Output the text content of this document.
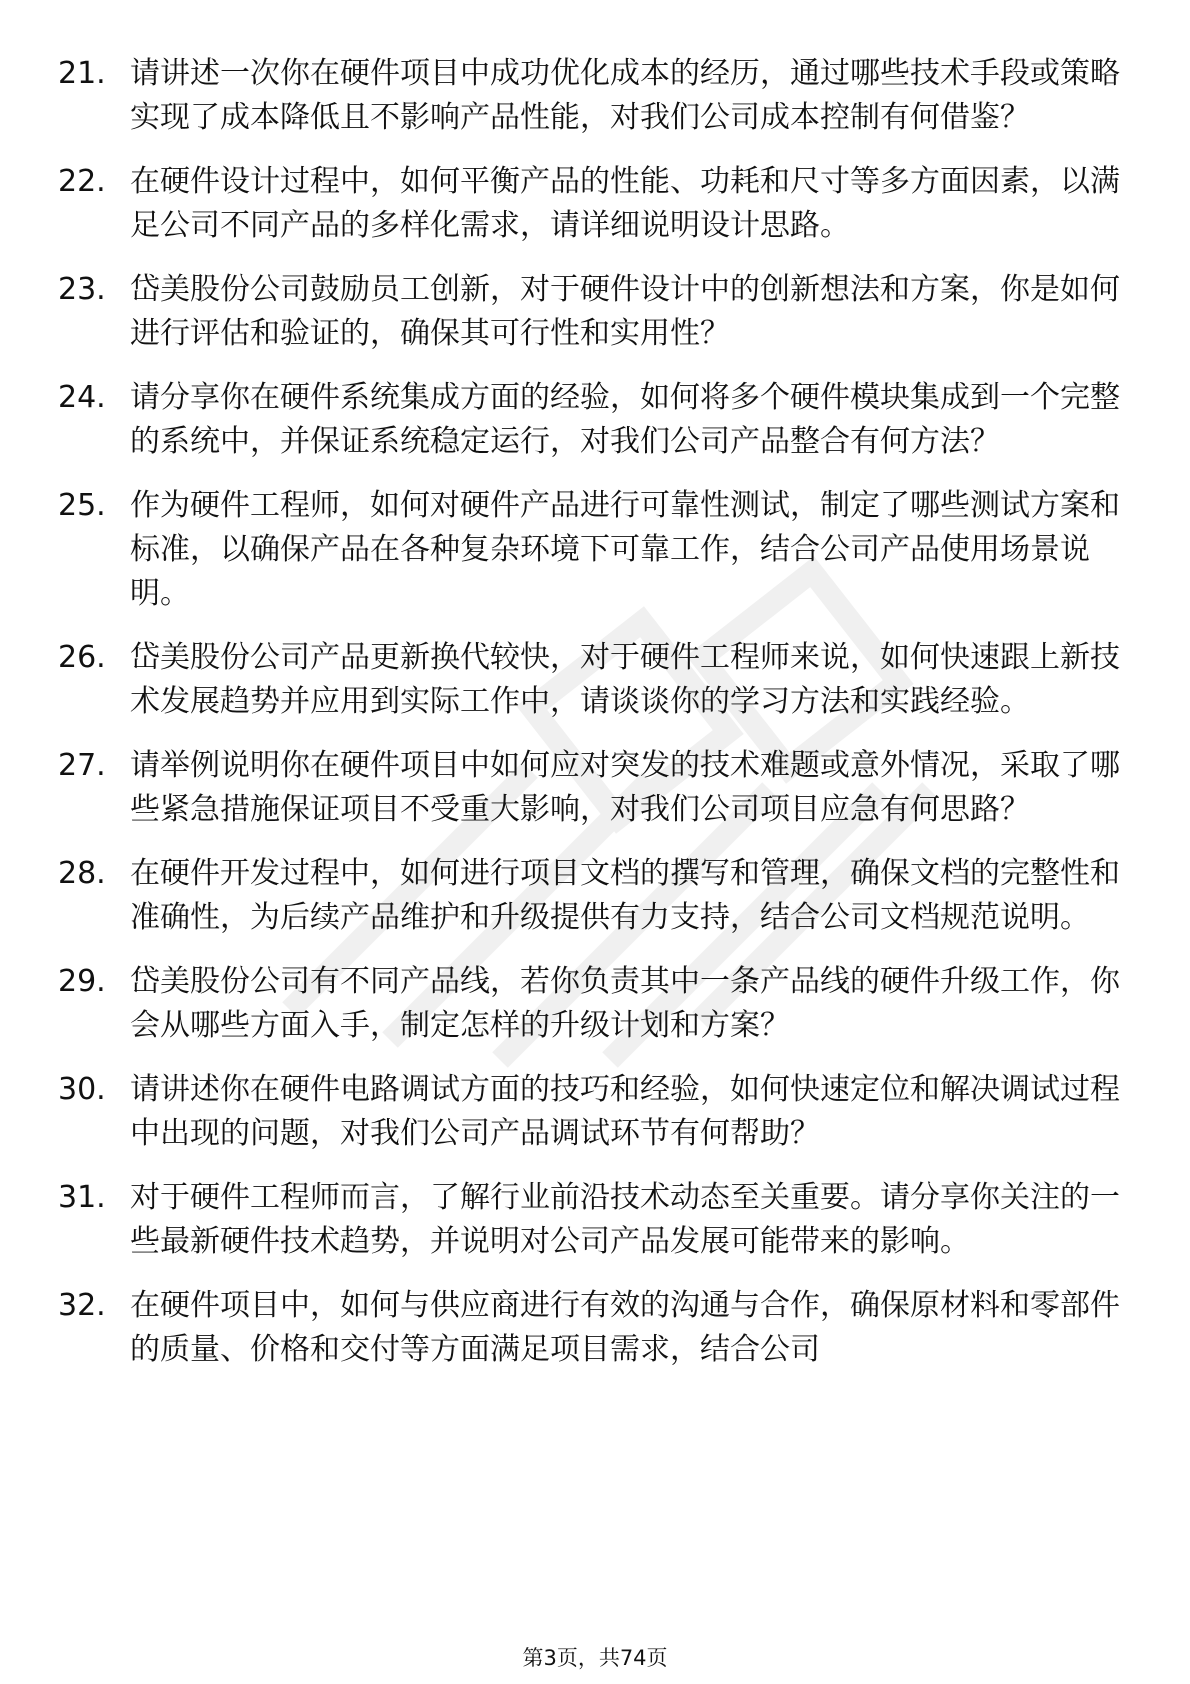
21. 请讲述一次你在硬件项目中成功优化成本的经历，通过哪些技术手段或策略实现了成本降低且不影响产品性能，对我们公司成本控制有何借鉴？
22. 在硬件设计过程中，如何平衡产品的性能、功耗和尺寸等多方面因素，以满足公司不同产品的多样化需求，请详细说明设计思路。
23. 岱美股份公司鼓励员工创新，对于硬件设计中的创新想法和方案，你是如何进行评估和验证的，确保其可行性和实用性？
24. 请分享你在硬件系统集成方面的经验，如何将多个硬件模块集成到一个完整的系统中，并保证系统稳定运行，对我们公司产品整合有何方法？
25. 作为硬件工程师，如何对硬件产品进行可靠性测试，制定了哪些测试方案和标准，以确保产品在各种复杂环境下可靠工作，结合公司产品使用场景说明。
26. 岱美股份公司产品更新换代较快，对于硬件工程师来说，如何快速跟上新技术发展趋势并应用到实际工作中，请谈谈你的学习方法和实践经验。
27. 请举例说明你在硬件项目中如何应对突发的技术难题或意外情况，采取了哪些紧急措施保证项目不受重大影响，对我们公司项目应急有何思路？
28. 在硬件开发过程中，如何进行项目文档的撰写和管理，确保文档的完整性和准确性，为后续产品维护和升级提供有力支持，结合公司文档规范说明。
29. 岱美股份公司有不同产品线，若你负责其中一条产品线的硬件升级工作，你会从哪些方面入手，制定怎样的升级计划和方案？
30. 请讲述你在硬件电路调试方面的技巧和经验，如何快速定位和解决调试过程中出现的问题，对我们公司产品调试环节有何帮助？
31. 对于硬件工程师而言，了解行业前沿技术动态至关重要。请分享你关注的一些最新硬件技术趋势，并说明对公司产品发展可能带来的影响。
32. 在硬件项目中，如何与供应商进行有效的沟通与合作，确保原材料和零部件的质量、价格和交付等方面满足项目需求，结合公司
第3页，共74页
